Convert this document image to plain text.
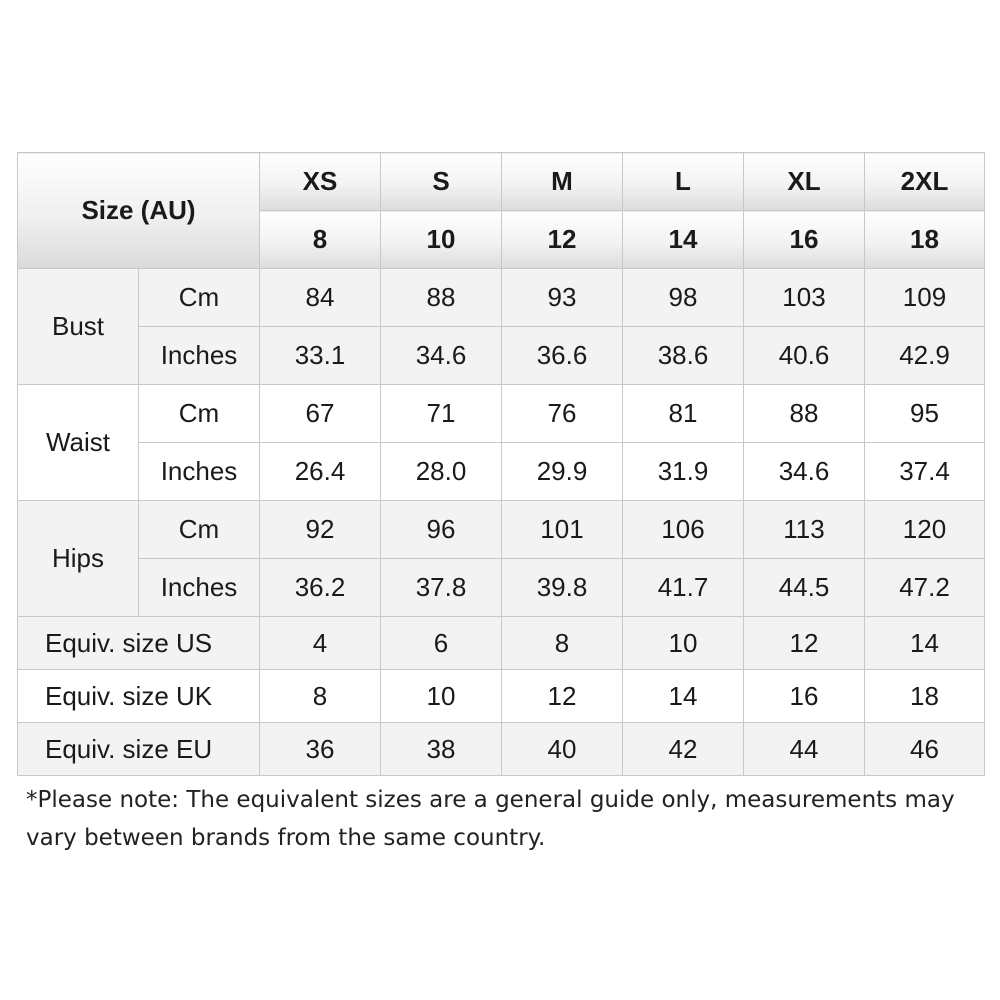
Size (AU)		XS	S	M	L	XL	2XL
		8	10	12	14	16	18
Bust	Cm	84	88	93	98	103	109
	Inches	33.1	34.6	36.6	38.6	40.6	42.9
Waist	Cm	67	71	76	81	88	95
	Inches	26.4	28.0	29.9	31.9	34.6	37.4
Hips	Cm	92	96	101	106	113	120
	Inches	36.2	37.8	39.8	41.7	44.5	47.2
Equiv. size US		4	6	8	10	12	14
Equiv. size UK		8	10	12	14	16	18
Equiv. size EU		36	38	40	42	44	46
*Please note: The equivalent sizes are a general guide only, measurements may vary between brands from the same country.
